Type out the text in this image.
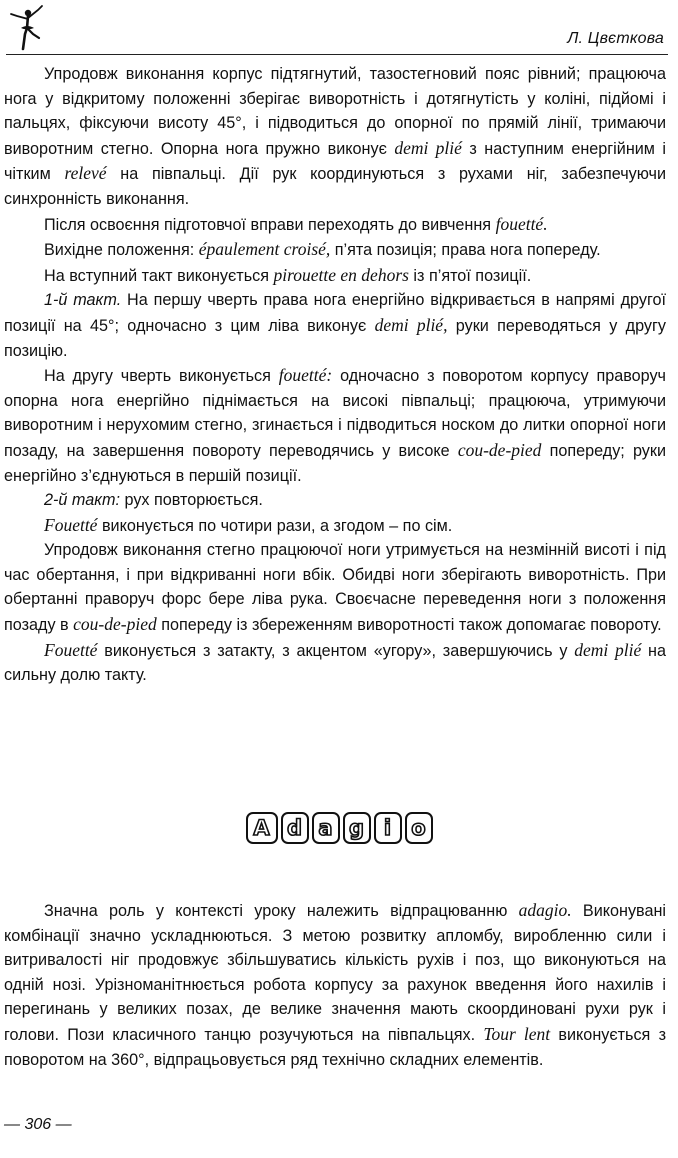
Л. Цвєткова

Упродовж виконання корпус підтягнутий, тазостегновий пояс рівний; працююча нога у відкритому положенні зберігає виворотність і дотягнутість у коліні, підйомі і пальцях, фіксуючи висоту 45°, і підводиться до опорної по прямій лінії, тримаючи виворотним стегно. Опорна нога пружно виконує demi plié з наступним енергійним і чітким relevé на півпальці. Дії рук координуються з рухами ніг, забезпечуючи синхронність виконання.

Після освоєння підготовчої вправи переходять до вивчення fouetté.

Вихідне положення: épaulement croisé, п’ята позиція; права нога попереду.

На вступний такт виконується pirouette en dehors із п’ятої позиції.

1-й такт. На першу чверть права нога енергійно відкривається в напрямі другої позиції на 45°; одночасно з цим ліва виконує demi plié, руки переводяться у другу позицію.

На другу чверть виконується fouetté: одночасно з поворотом корпусу праворуч опорна нога енергійно піднімається на високі півпальці; працююча, утримуючи виворотним і нерухомим стегно, згинається і підводиться носком до литки опорної ноги позаду, на завершення повороту переводячись у високе cou-de-pied попереду; руки енергійно з’єднуються в першій позиції.

2-й такт: рух повторюється.

Fouetté виконується по чотири рази, а згодом – по сім.

Упродовж виконання стегно працюючої ноги утримується на незмінній висоті і під час обертання, і при відкриванні ноги вбік. Обидві ноги зберігають виворотність. При обертанні праворуч форс бере ліва рука. Своєчасне переведення ноги з положення позаду в cou-de-pied попереду із збереженням виворотності також допомагає повороту.

Fouetté виконується з затакту, з акцентом «угору», завершуючись у demi plié на сильну долю такту.

A d a g i o

Значна роль у контексті уроку належить відпрацюванню adagio. Виконувані комбінації значно ускладнюються. З метою розвитку апломбу, виробленню сили і витривалості ніг продовжує збільшуватись кількість рухів і поз, що виконуються на одній нозі. Урізноманітнюється робота корпусу за рахунок введення його нахилів і перегинань у великих позах, де велике значення мають скоординовані рухи рук і голови. Пози класичного танцю розучуються на півпальцях. Tour lent виконується з поворотом на 360°, відпрацьовується ряд технічно складних елементів.

— 306 —
